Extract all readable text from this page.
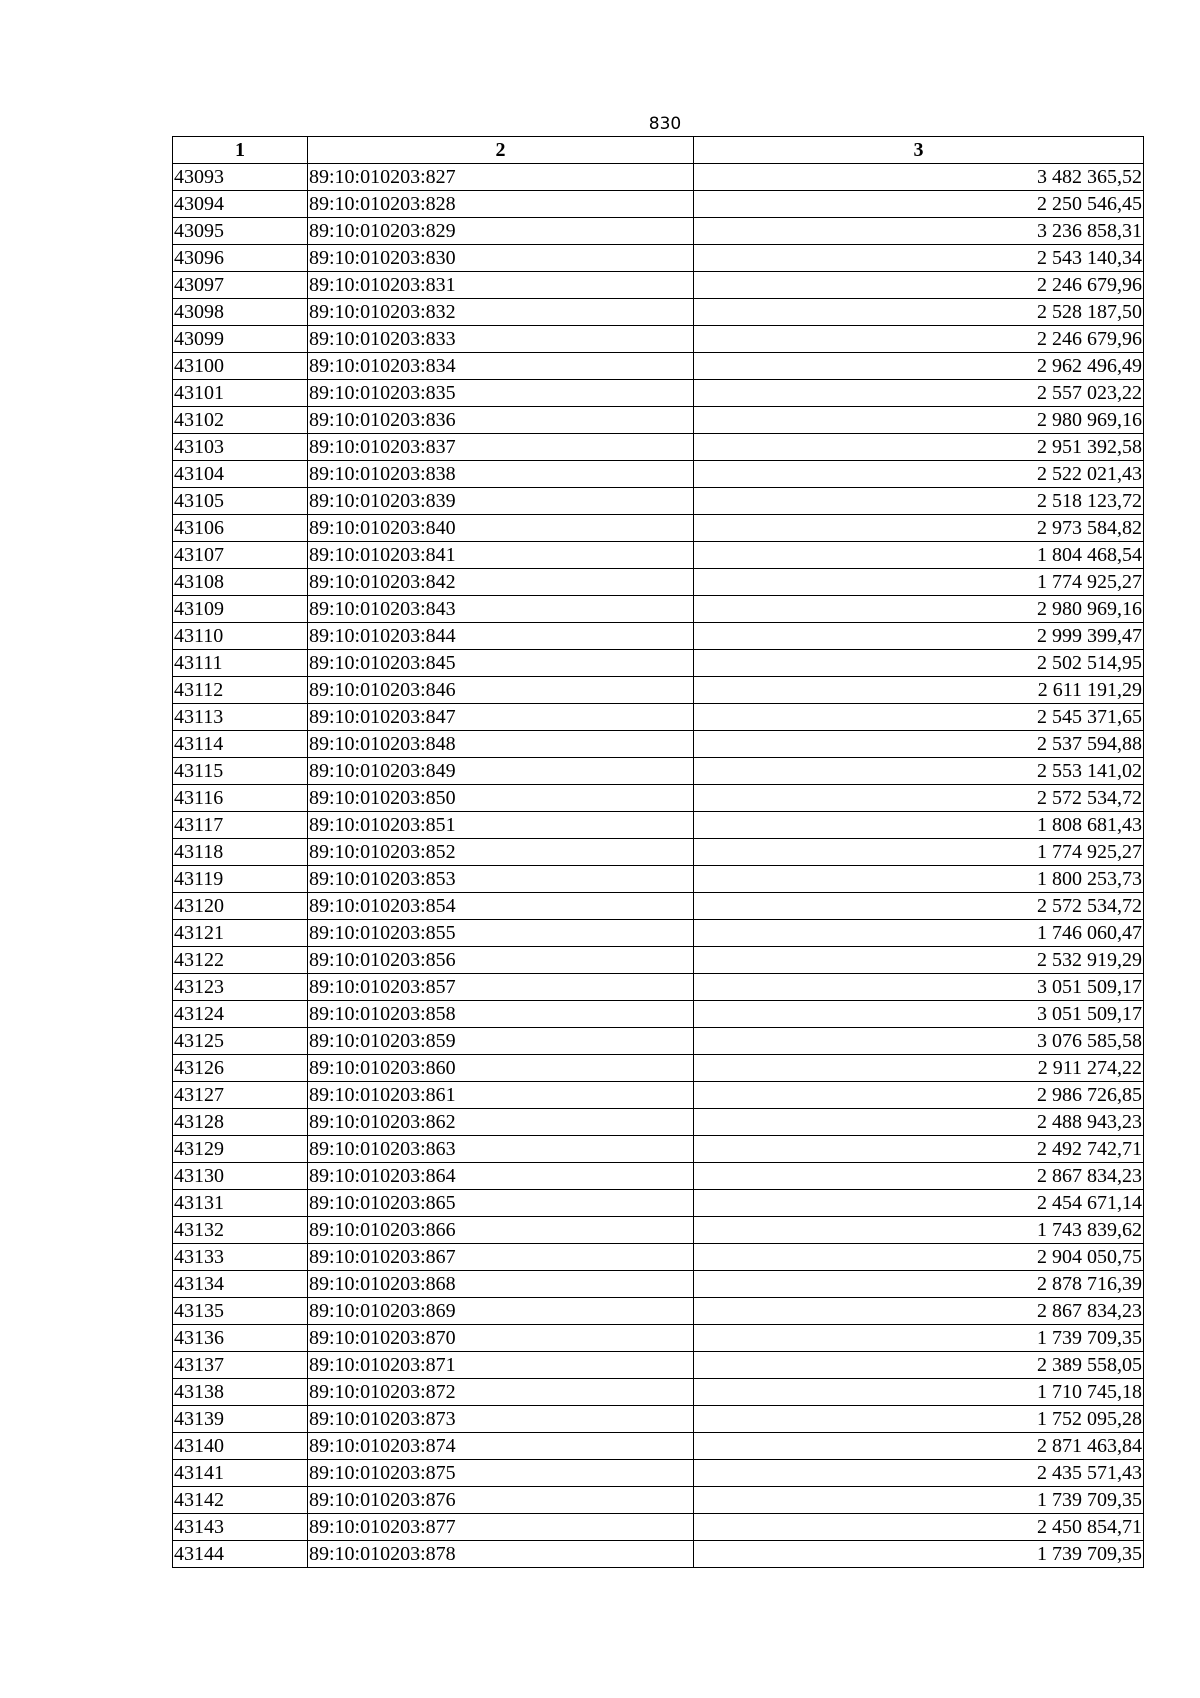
830
1	2	3
43093	89:10:010203:827	3 482 365,52
43094	89:10:010203:828	2 250 546,45
43095	89:10:010203:829	3 236 858,31
43096	89:10:010203:830	2 543 140,34
43097	89:10:010203:831	2 246 679,96
43098	89:10:010203:832	2 528 187,50
43099	89:10:010203:833	2 246 679,96
43100	89:10:010203:834	2 962 496,49
43101	89:10:010203:835	2 557 023,22
43102	89:10:010203:836	2 980 969,16
43103	89:10:010203:837	2 951 392,58
43104	89:10:010203:838	2 522 021,43
43105	89:10:010203:839	2 518 123,72
43106	89:10:010203:840	2 973 584,82
43107	89:10:010203:841	1 804 468,54
43108	89:10:010203:842	1 774 925,27
43109	89:10:010203:843	2 980 969,16
43110	89:10:010203:844	2 999 399,47
43111	89:10:010203:845	2 502 514,95
43112	89:10:010203:846	2 611 191,29
43113	89:10:010203:847	2 545 371,65
43114	89:10:010203:848	2 537 594,88
43115	89:10:010203:849	2 553 141,02
43116	89:10:010203:850	2 572 534,72
43117	89:10:010203:851	1 808 681,43
43118	89:10:010203:852	1 774 925,27
43119	89:10:010203:853	1 800 253,73
43120	89:10:010203:854	2 572 534,72
43121	89:10:010203:855	1 746 060,47
43122	89:10:010203:856	2 532 919,29
43123	89:10:010203:857	3 051 509,17
43124	89:10:010203:858	3 051 509,17
43125	89:10:010203:859	3 076 585,58
43126	89:10:010203:860	2 911 274,22
43127	89:10:010203:861	2 986 726,85
43128	89:10:010203:862	2 488 943,23
43129	89:10:010203:863	2 492 742,71
43130	89:10:010203:864	2 867 834,23
43131	89:10:010203:865	2 454 671,14
43132	89:10:010203:866	1 743 839,62
43133	89:10:010203:867	2 904 050,75
43134	89:10:010203:868	2 878 716,39
43135	89:10:010203:869	2 867 834,23
43136	89:10:010203:870	1 739 709,35
43137	89:10:010203:871	2 389 558,05
43138	89:10:010203:872	1 710 745,18
43139	89:10:010203:873	1 752 095,28
43140	89:10:010203:874	2 871 463,84
43141	89:10:010203:875	2 435 571,43
43142	89:10:010203:876	1 739 709,35
43143	89:10:010203:877	2 450 854,71
43144	89:10:010203:878	1 739 709,35
